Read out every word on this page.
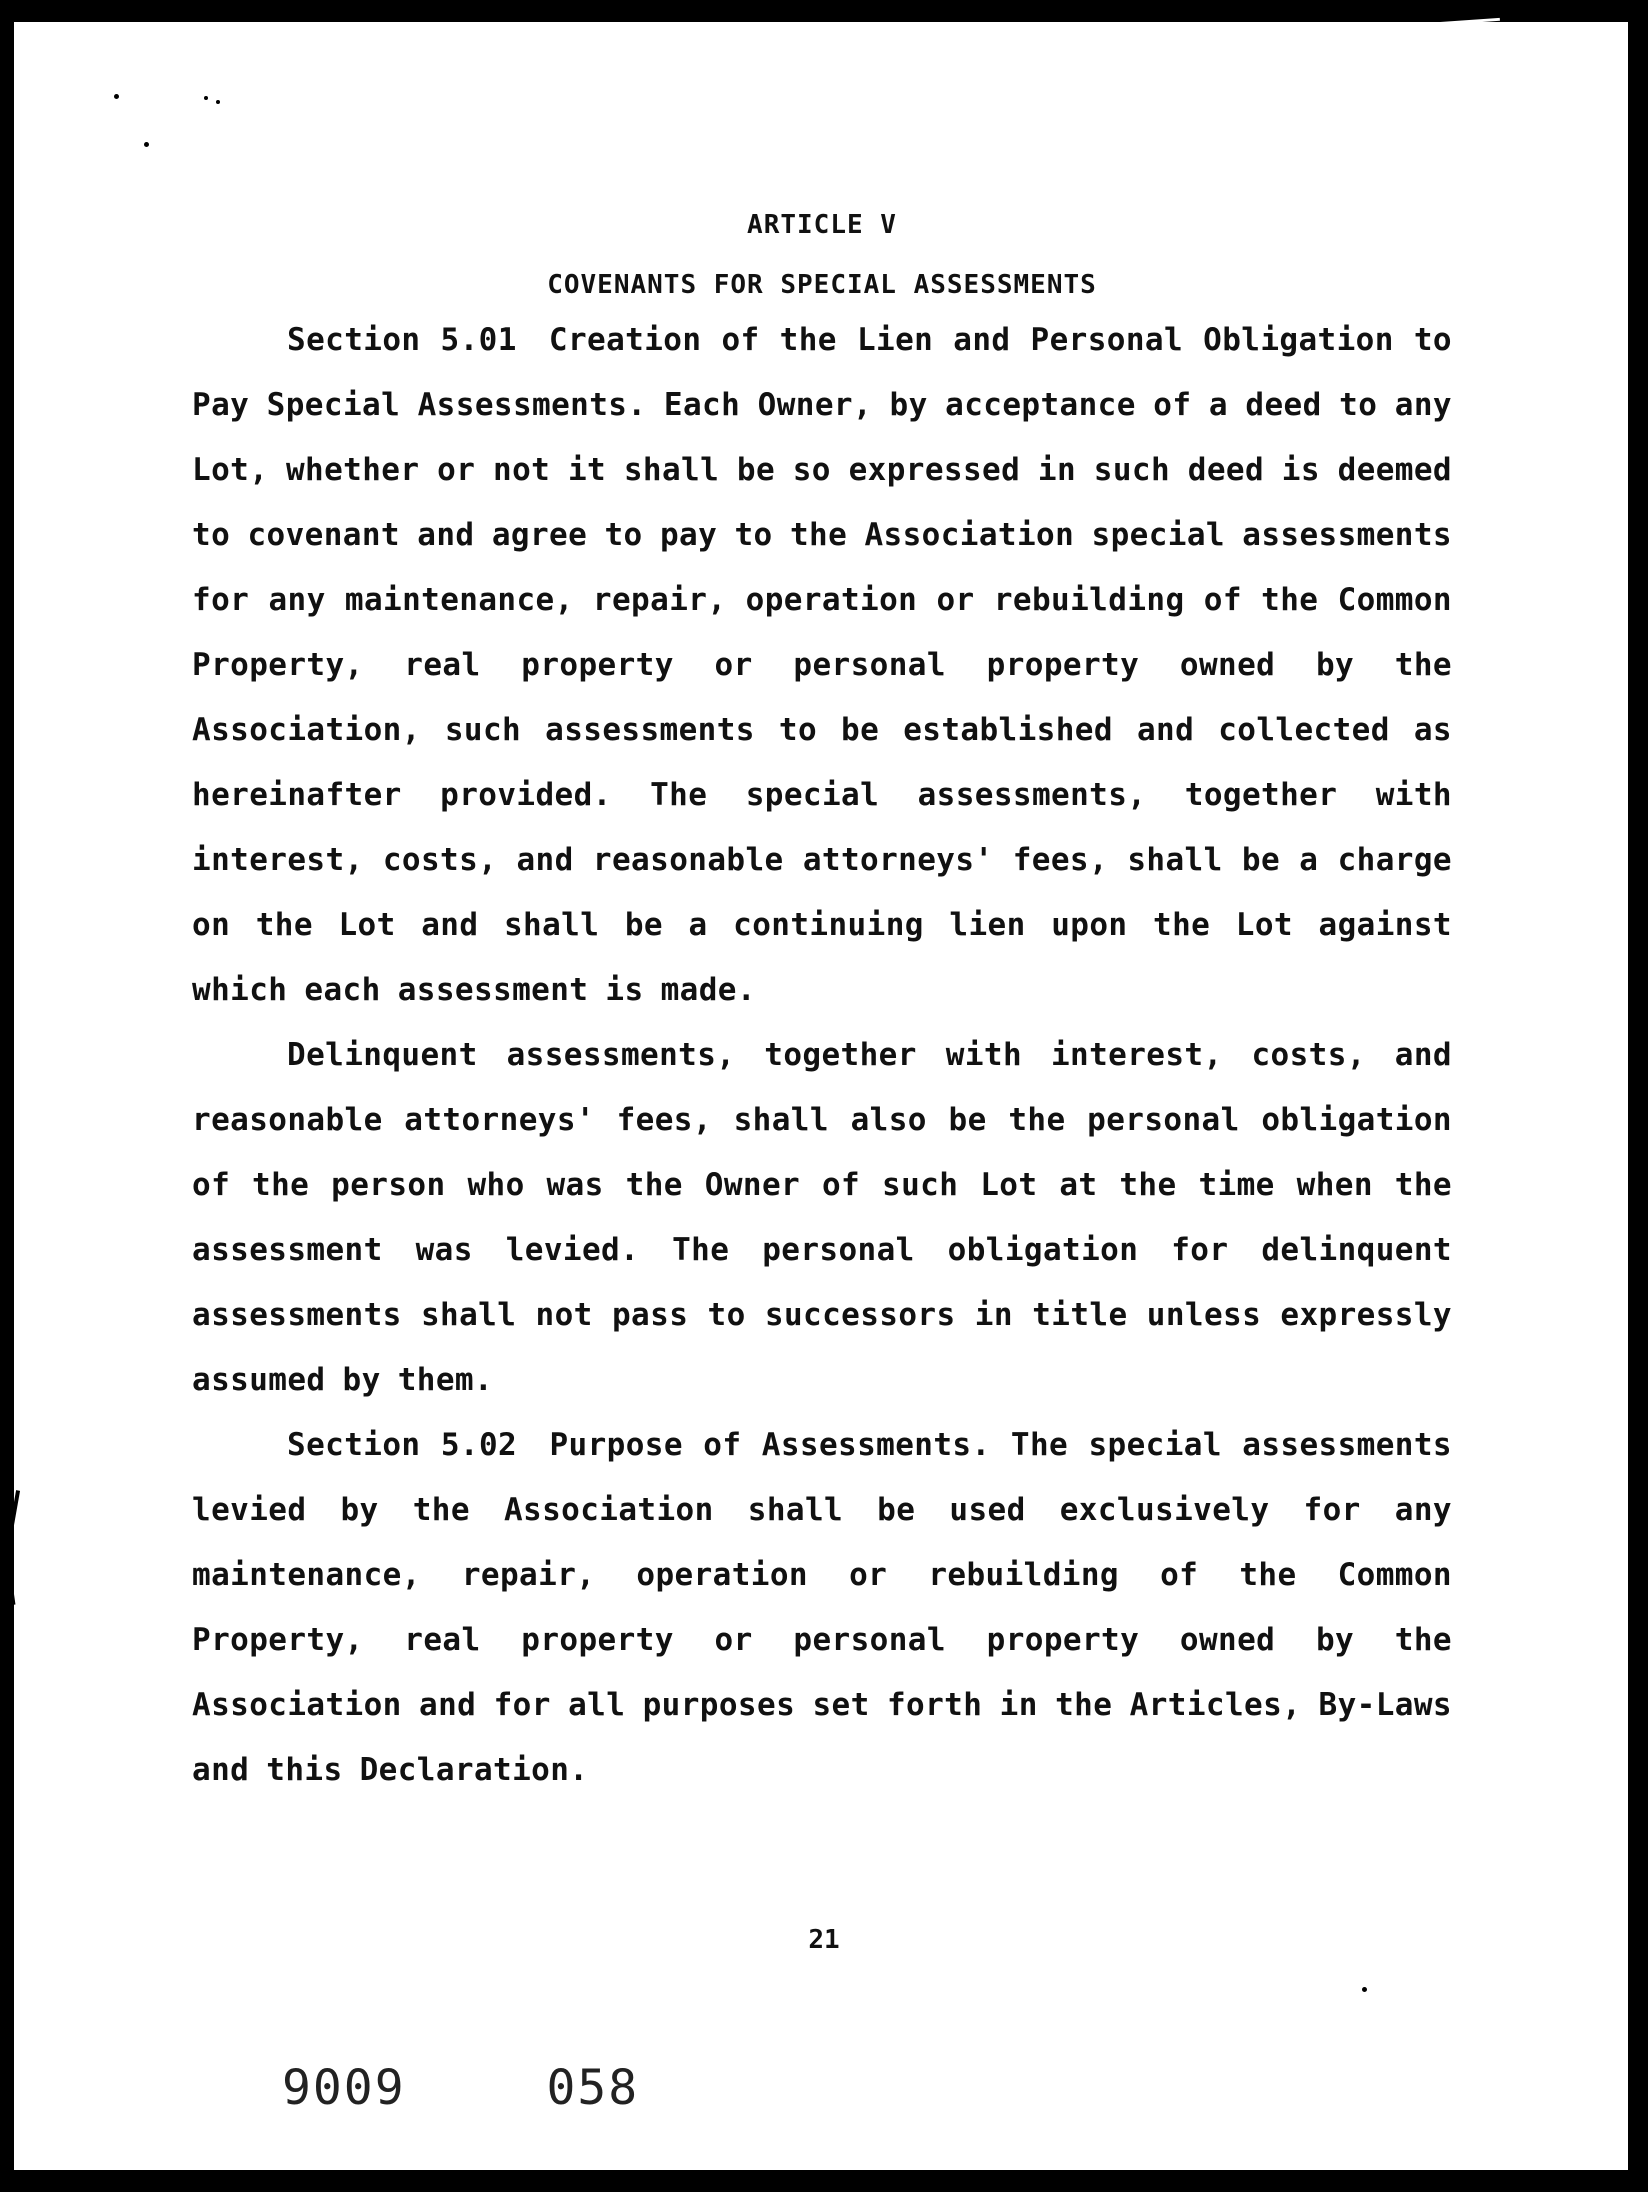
ARTICLE V

COVENANTS FOR SPECIAL ASSESSMENTS

Section 5.01 Creation of the Lien and Personal Obligation to Pay Special Assessments. Each Owner, by acceptance of a deed to any Lot, whether or not it shall be so expressed in such deed is deemed to covenant and agree to pay to the Association special assessments for any maintenance, repair, operation or rebuilding of the Common Property, real property or personal property owned by the Association, such assessments to be established and collected as hereinafter provided. The special assessments, together with interest, costs, and reasonable attorneys' fees, shall be a charge on the Lot and shall be a continuing lien upon the Lot against which each assessment is made.

Delinquent assessments, together with interest, costs, and reasonable attorneys' fees, shall also be the personal obligation of the person who was the Owner of such Lot at the time when the assessment was levied. The personal obligation for delinquent assessments shall not pass to successors in title unless expressly assumed by them.

Section 5.02 Purpose of Assessments. The special assessments levied by the Association shall be used exclusively for any maintenance, repair, operation or rebuilding of the Common Property, real property or personal property owned by the Association and for all purposes set forth in the Articles, By-Laws and this Declaration.

21
9009	058
